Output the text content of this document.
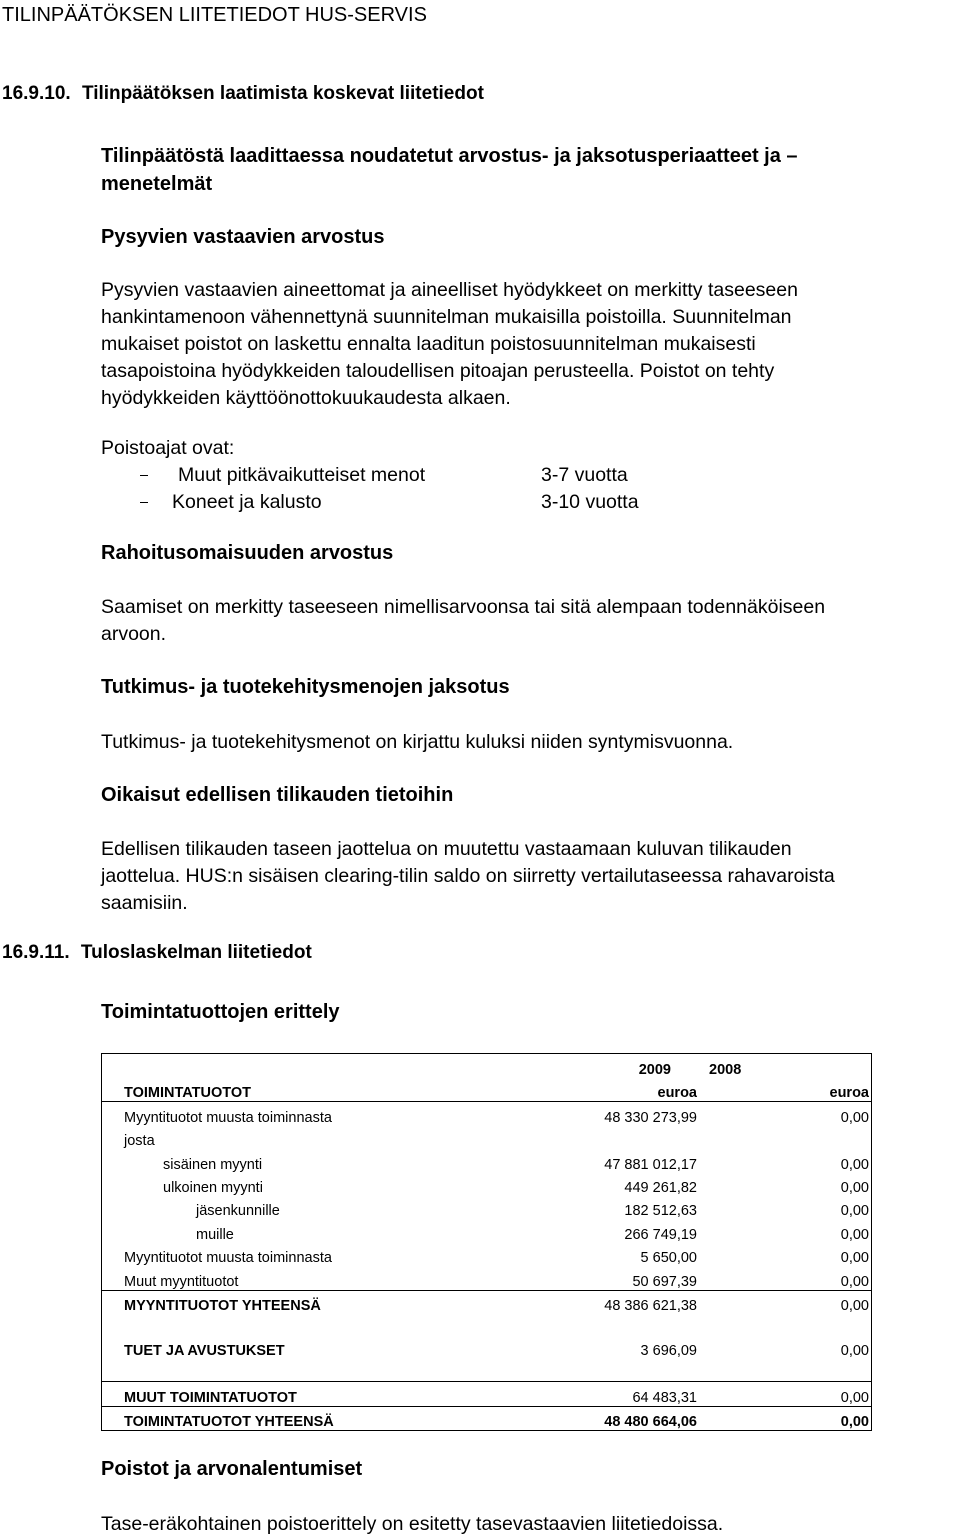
TILINPÄÄTÖKSEN LIITETIEDOT HUS-SERVIS
16.9.10. Tilinpäätöksen laatimista koskevat liitetiedot
Tilinpäätöstä laadittaessa noudatetut arvostus- ja jaksotusperiaatteet ja –
menetelmät
Pysyvien vastaavien arvostus
Pysyvien vastaavien aineettomat ja aineelliset hyödykkeet on merkitty taseeseen
hankintamenoon vähennettynä suunnitelman mukaisilla poistoilla. Suunnitelman
mukaiset poistot on laskettu ennalta laaditun poistosuunnitelman mukaisesti
tasapoistoina hyödykkeiden taloudellisen pitoajan perusteella. Poistot on tehty
hyödykkeiden käyttöönottokuukaudesta alkaen.
Poistoajat ovat:
Muut pitkävaikutteiset menot	3-7 vuotta
Koneet ja kalusto	3-10 vuotta
Rahoitusomaisuuden arvostus
Saamiset on merkitty taseeseen nimellisarvoonsa tai sitä alempaan todennäköiseen
arvoon.
Tutkimus- ja tuotekehitysmenojen jaksotus
Tutkimus- ja tuotekehitysmenot on kirjattu kuluksi niiden syntymisvuonna.
Oikaisut edellisen tilikauden tietoihin
Edellisen tilikauden taseen jaottelua on muutettu vastaamaan kuluvan tilikauden
jaottelua. HUS:n sisäisen clearing-tilin saldo on siirretty vertailutaseessa rahavaroista
saamisiin.
16.9.11. Tuloslaskelman liitetiedot
Toimintatuottojen erittely
TOIMINTATUOTOT	2009	2008
	euroa	euroa
Myyntituotot muusta toiminnasta	48 330 273,99	0,00
josta		
sisäinen myynti	47 881 012,17	0,00
ulkoinen myynti	449 261,82	0,00
jäsenkunnille	182 512,63	0,00
muille	266 749,19	0,00
Myyntituotot muusta toiminnasta	5 650,00	0,00
Muut myyntituotot	50 697,39	0,00
MYYNTITUOTOT YHTEENSÄ	48 386 621,38	0,00

TUET JA AVUSTUKSET	3 696,09	0,00

MUUT TOIMINTATUOTOT	64 483,31	0,00
TOIMINTATUOTOT YHTEENSÄ	48 480 664,06	0,00
Poistot ja arvonalentumiset
Tase-eräkohtainen poistoerittely on esitetty tasevastaavien liitetiedoissa.
